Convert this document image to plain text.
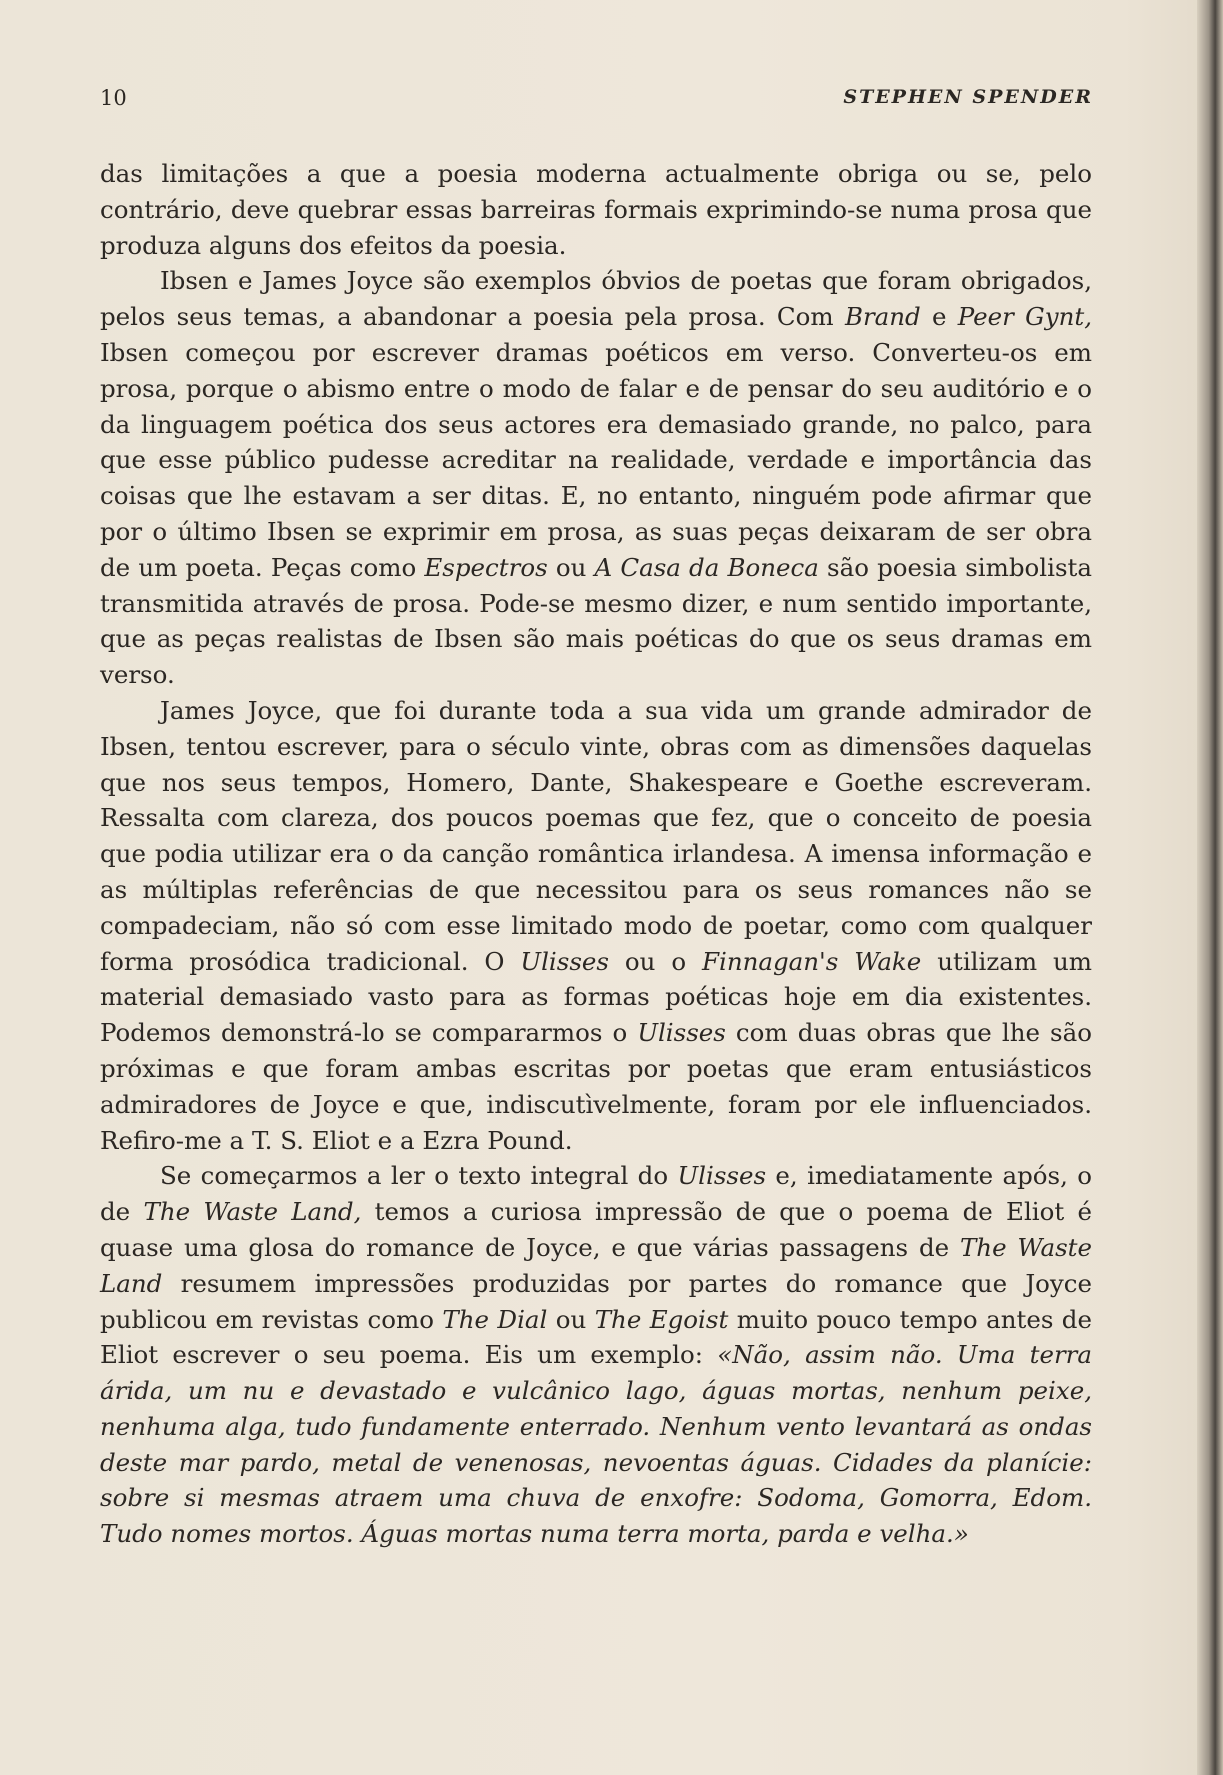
10	STEPHEN SPENDER

das limitações a que a poesia moderna actualmente obriga ou se, pelo contrário, deve quebrar essas barreiras formais exprimindo-se numa prosa que produza alguns dos efeitos da poesia.

Ibsen e James Joyce são exemplos óbvios de poetas que foram obrigados, pelos seus temas, a abandonar a poesia pela prosa. Com Brand e Peer Gynt, Ibsen começou por escrever dramas poéticos em verso. Converteu-os em prosa, porque o abismo entre o modo de falar e de pensar do seu auditório e o da linguagem poética dos seus actores era demasiado grande, no palco, para que esse público pudesse acreditar na realidade, verdade e importância das coisas que lhe estavam a ser ditas. E, no entanto, ninguém pode afirmar que por o último Ibsen se exprimir em prosa, as suas peças deixaram de ser obra de um poeta. Peças como Espectros ou A Casa da Boneca são poesia simbolista transmitida através de prosa. Pode-se mesmo dizer, e num sentido importante, que as peças realistas de Ibsen são mais poéticas do que os seus dramas em verso.

James Joyce, que foi durante toda a sua vida um grande admirador de Ibsen, tentou escrever, para o século vinte, obras com as dimensões daquelas que nos seus tempos, Homero, Dante, Shakespeare e Goethe escreveram. Ressalta com clareza, dos poucos poemas que fez, que o conceito de poesia que podia utilizar era o da canção romântica irlandesa. A imensa informação e as múltiplas referências de que necessitou para os seus romances não se compadeciam, não só com esse limitado modo de poetar, como com qualquer forma prosódica tradicional. O Ulisses ou o Finnagan's Wake utilizam um material demasiado vasto para as formas poéticas hoje em dia existentes. Podemos demonstrá-lo se compararmos o Ulisses com duas obras que lhe são próximas e que foram ambas escritas por poetas que eram entusiásticos admiradores de Joyce e que, indiscutìvelmente, foram por ele influenciados. Refiro-me a T. S. Eliot e a Ezra Pound.

Se começarmos a ler o texto integral do Ulisses e, imediatamente após, o de The Waste Land, temos a curiosa impressão de que o poema de Eliot é quase uma glosa do romance de Joyce, e que várias passagens de The Waste Land resumem impressões produzidas por partes do romance que Joyce publicou em revistas como The Dial ou The Egoist muito pouco tempo antes de Eliot escrever o seu poema. Eis um exemplo: «Não, assim não. Uma terra árida, um nu e devastado e vulcânico lago, águas mortas, nenhum peixe, nenhuma alga, tudo fundamente enterrado. Nenhum vento levantará as ondas deste mar pardo, metal de venenosas, nevoentas águas. Cidades da planície: sobre si mesmas atraem uma chuva de enxofre: Sodoma, Gomorra, Edom. Tudo nomes mortos. Águas mortas numa terra morta, parda e velha.»
